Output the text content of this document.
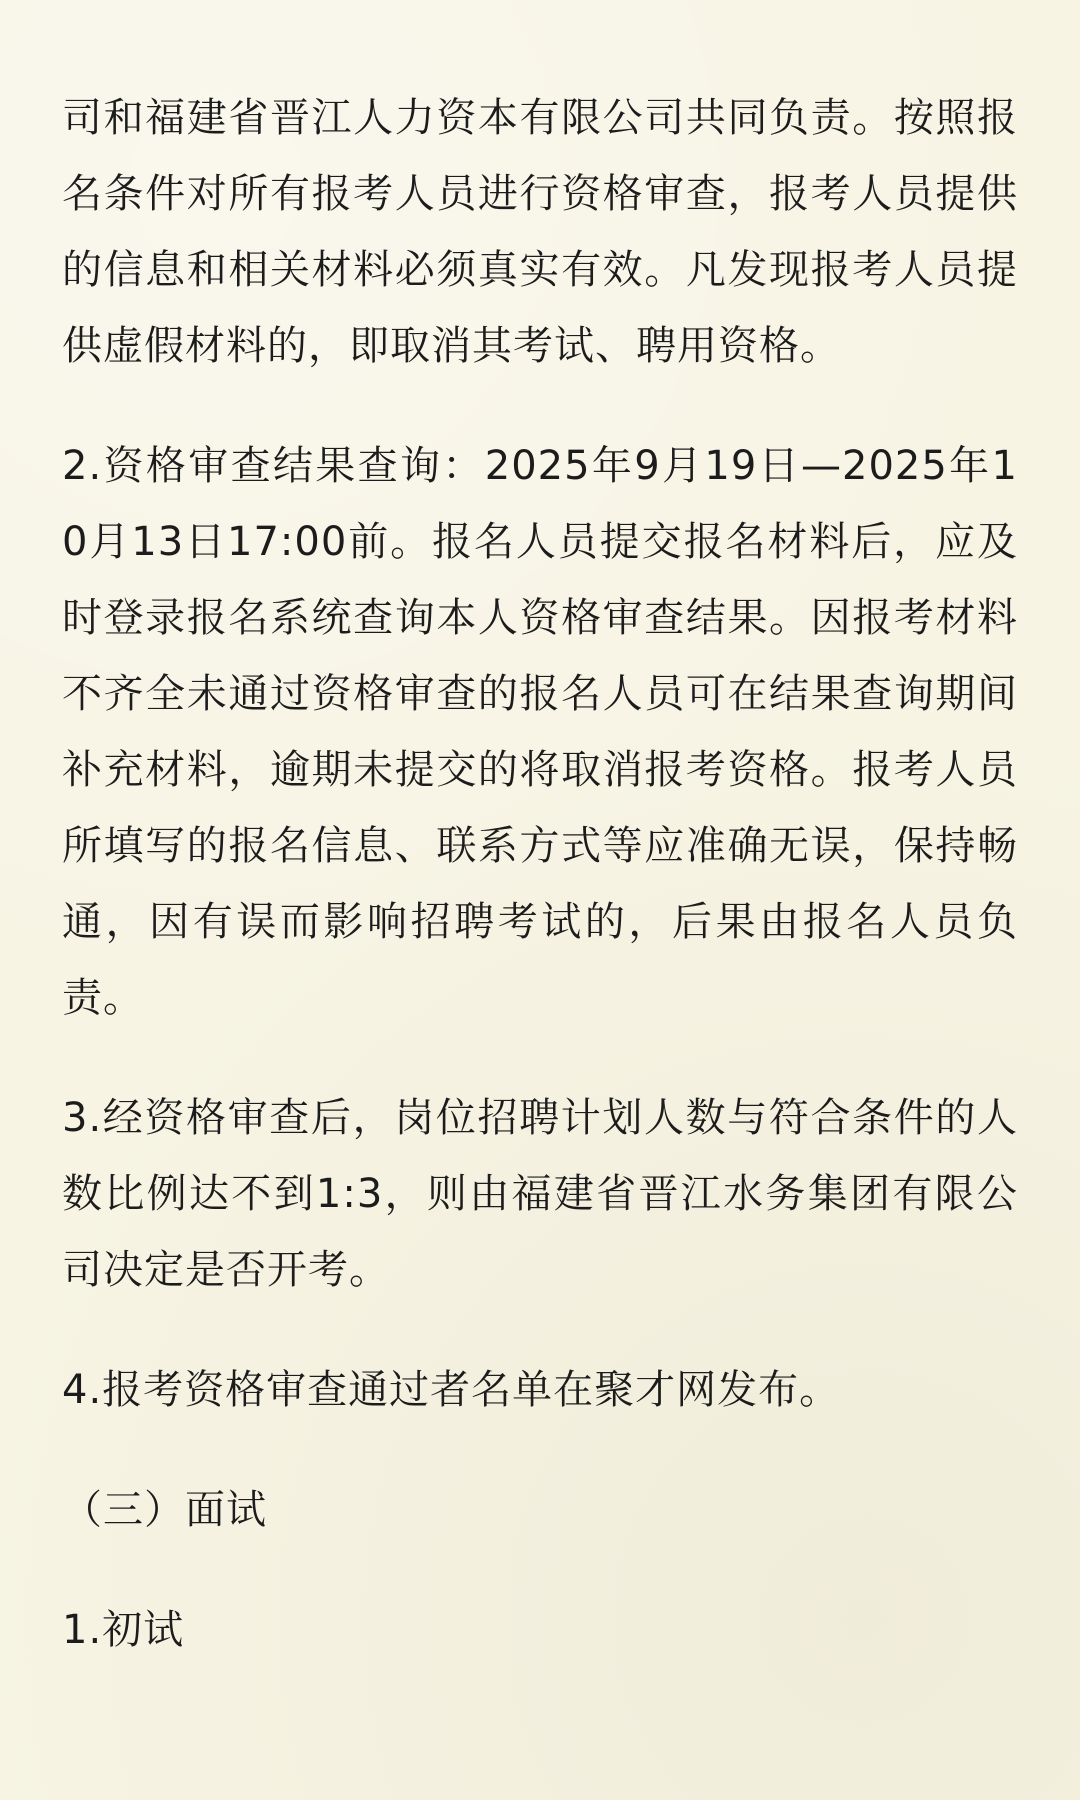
司和福建省晋江人力资本有限公司共同负责。按照报名条件对所有报考人员进行资格审查，报考人员提供的信息和相关材料必须真实有效。凡发现报考人员提供虚假材料的，即取消其考试、聘用资格。

2.资格审查结果查询：2025年9月19日—2025年10月13日17:00前。报名人员提交报名材料后，应及时登录报名系统查询本人资格审查结果。因报考材料不齐全未通过资格审查的报名人员可在结果查询期间补充材料，逾期未提交的将取消报考资格。报考人员所填写的报名信息、联系方式等应准确无误，保持畅通，因有误而影响招聘考试的，后果由报名人员负责。

3.经资格审查后，岗位招聘计划人数与符合条件的人数比例达不到1:3，则由福建省晋江水务集团有限公司决定是否开考。

4.报考资格审查通过者名单在聚才网发布。

（三）面试

1.初试
